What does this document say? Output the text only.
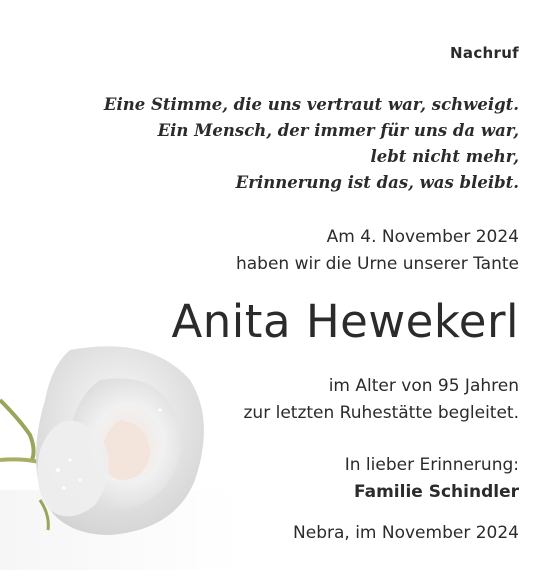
Nachruf
Eine Stimme, die uns vertraut war, schweigt.
Ein Mensch, der immer für uns da war,
lebt nicht mehr,
Erinnerung ist das, was bleibt.
Am 4. November 2024
haben wir die Urne unserer Tante
Anita Hewekerl
im Alter von 95 Jahren
zur letzten Ruhestätte begleitet.
In lieber Erinnerung:
Familie Schindler
Nebra, im November 2024
